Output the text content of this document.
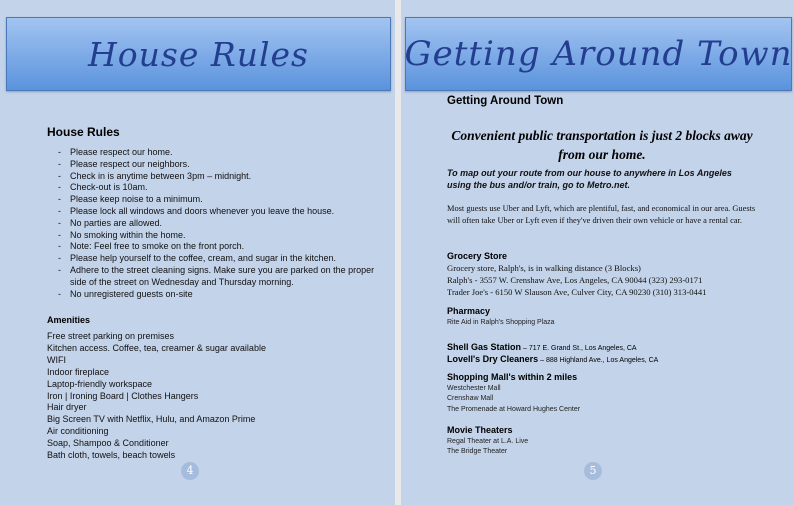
House Rules
House Rules
- Please respect our home.
- Please respect our neighbors.
- Check in is anytime between 3pm – midnight.
- Check-out is 10am.
- Please keep noise to a minimum.
- Please lock all windows and doors whenever you leave the house.
- No parties are allowed.
- No smoking within the home.
- Note: Feel free to smoke on the front porch.
- Please help yourself to the coffee, cream, and sugar in the kitchen.
- Adhere to the street cleaning signs. Make sure you are parked on the proper side of the street on Wednesday and Thursday morning.
- No unregistered guests on-site
Amenities
Free street parking on premises
Kitchen access. Coffee, tea, creamer & sugar available
WIFI
Indoor fireplace
Laptop-friendly workspace
Iron | Ironing Board | Clothes Hangers
Hair dryer
Big Screen TV with Netflix, Hulu, and Amazon Prime
Air conditioning
Soap, Shampoo & Conditioner
Bath cloth, towels, beach towels
4
Getting Around Town
Getting Around Town
Convenient public transportation is just 2 blocks away from our home.
To map out your route from our house to anywhere in Los Angeles using the bus and/or train, go to Metro.net.
Most guests use Uber and Lyft, which are plentiful, fast, and economical in our area. Guests will often take Uber or Lyft even if they've driven their own vehicle or have a rental car.
Grocery Store
Grocery store, Ralph's, is in walking distance (3 Blocks)
Ralph's - 3557 W. Crenshaw Ave, Los Angeles, CA 90044 (323) 293-0171
Trader Joe's - 6150 W Slauson Ave, Culver City, CA 90230 (310) 313-0441
Pharmacy
Rite Aid in Ralph's Shopping Plaza
Shell Gas Station – 717 E. Grand St., Los Angeles, CA
Lovell's Dry Cleaners – 888 Highland Ave., Los Angeles, CA
Shopping Mall's within 2 miles
Westchester Mall
Crenshaw Mall
The Promenade at Howard Hughes Center
Movie Theaters
Regal Theater at L.A. Live
The Bridge Theater
5
